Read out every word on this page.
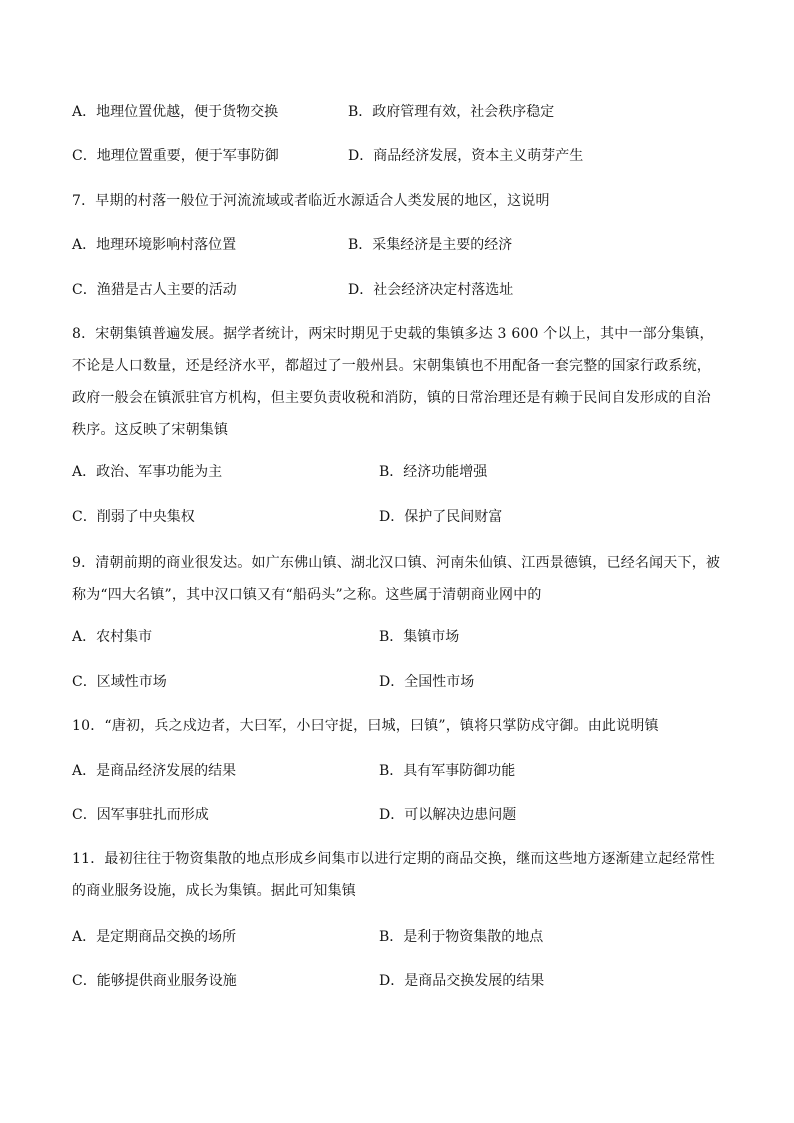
A．地理位置优越，便于货物交换	B．政府管理有效，社会秩序稳定
C．地理位置重要，便于军事防御	D．商品经济发展，资本主义萌芽产生
7．早期的村落一般位于河流流域或者临近水源适合人类发展的地区，这说明
A．地理环境影响村落位置	B．采集经济是主要的经济
C．渔猎是古人主要的活动	D．社会经济决定村落选址
8．宋朝集镇普遍发展。据学者统计，两宋时期见于史载的集镇多达 3 600 个以上，其中一部分集镇，不论是人口数量，还是经济水平，都超过了一般州县。宋朝集镇也不用配备一套完整的国家行政系统，政府一般会在镇派驻官方机构，但主要负责收税和消防，镇的日常治理还是有赖于民间自发形成的自治秩序。这反映了宋朝集镇
A．政治、军事功能为主	B．经济功能增强
C．削弱了中央集权	D．保护了民间财富
9．清朝前期的商业很发达。如广东佛山镇、湖北汉口镇、河南朱仙镇、江西景德镇，已经名闻天下，被称为“四大名镇”，其中汉口镇又有“船码头”之称。这些属于清朝商业网中的
A．农村集市	B．集镇市场
C．区域性市场	D．全国性市场
10．“唐初，兵之戍边者，大曰军，小曰守捉，曰城，曰镇”，镇将只掌防戍守御。由此说明镇
A．是商品经济发展的结果	B．具有军事防御功能
C．因军事驻扎而形成	D．可以解决边患问题
11．最初往往于物资集散的地点形成乡间集市以进行定期的商品交换，继而这些地方逐渐建立起经常性的商业服务设施，成长为集镇。据此可知集镇
A．是定期商品交换的场所	B．是利于物资集散的地点
C．能够提供商业服务设施	D．是商品交换发展的结果
